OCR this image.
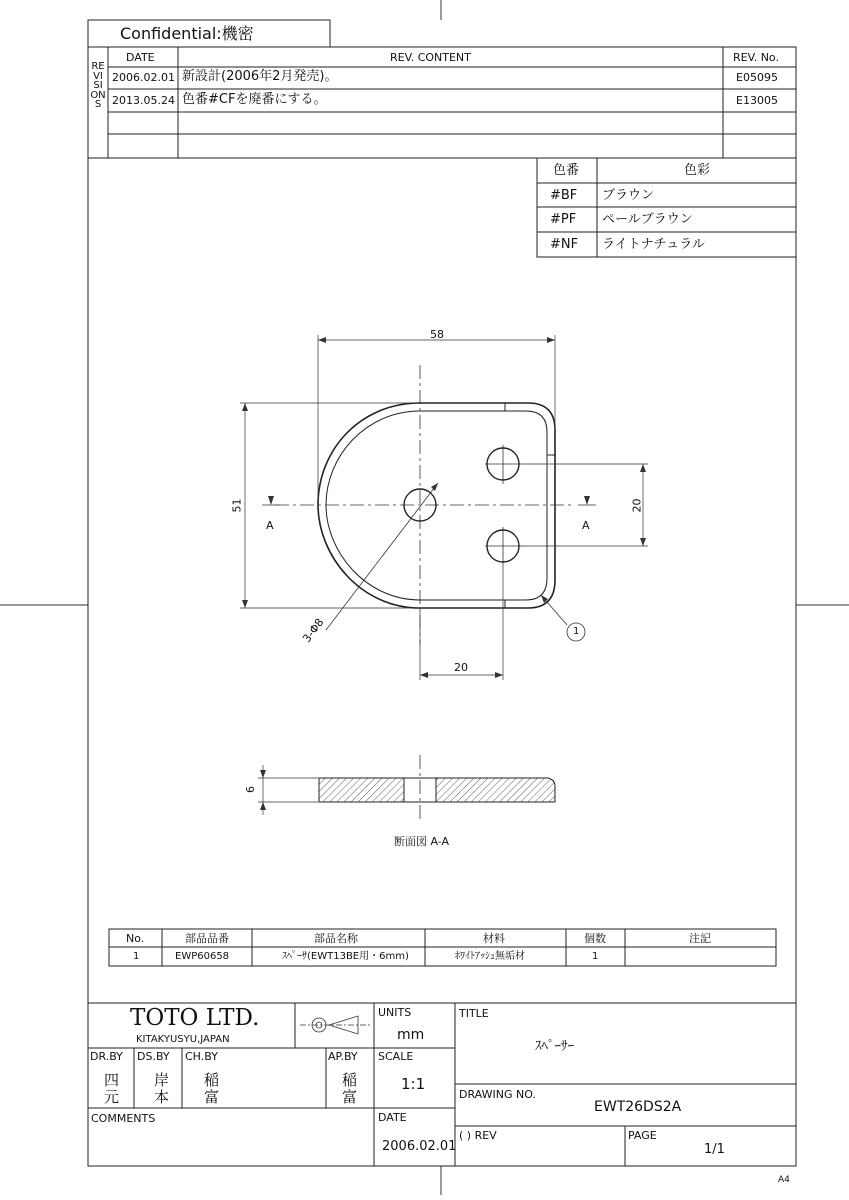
Confidential:機密
REVISIONS
DATE	REV. CONTENT	REV. No.
2006.02.01 新設計(2006年2月発売)。	E05095
2013.05.24 色番#CFを廃番にする。	E13005
色番	色彩
#BF ブラウン
#PF ペールブラウン
#NF ライトナチュラル
58
51	20
20
3-Φ8
A	A
1
6
断面図 A-A
No.	部品品番	部品名称	材料	個数	注記
1	EWP60658	ｽﾍﾟｰｻ(EWT13BE用・6mm)	ﾎﾜｲﾄｱｯｼｭ無垢材	1
TOTO LTD.
KITAKYUSYU,JAPAN
UNITS
mm
TITLE
ｽﾍﾟｰｻｰ
DR.BY
四
元
DS.BY
岸
本
CH.BY
稲
富
AP.BY
稲
富
SCALE
1:1
DRAWING NO.
EWT26DS2A
COMMENTS	DATE
2006.02.01
( ) REV	PAGE
1/1
A4
